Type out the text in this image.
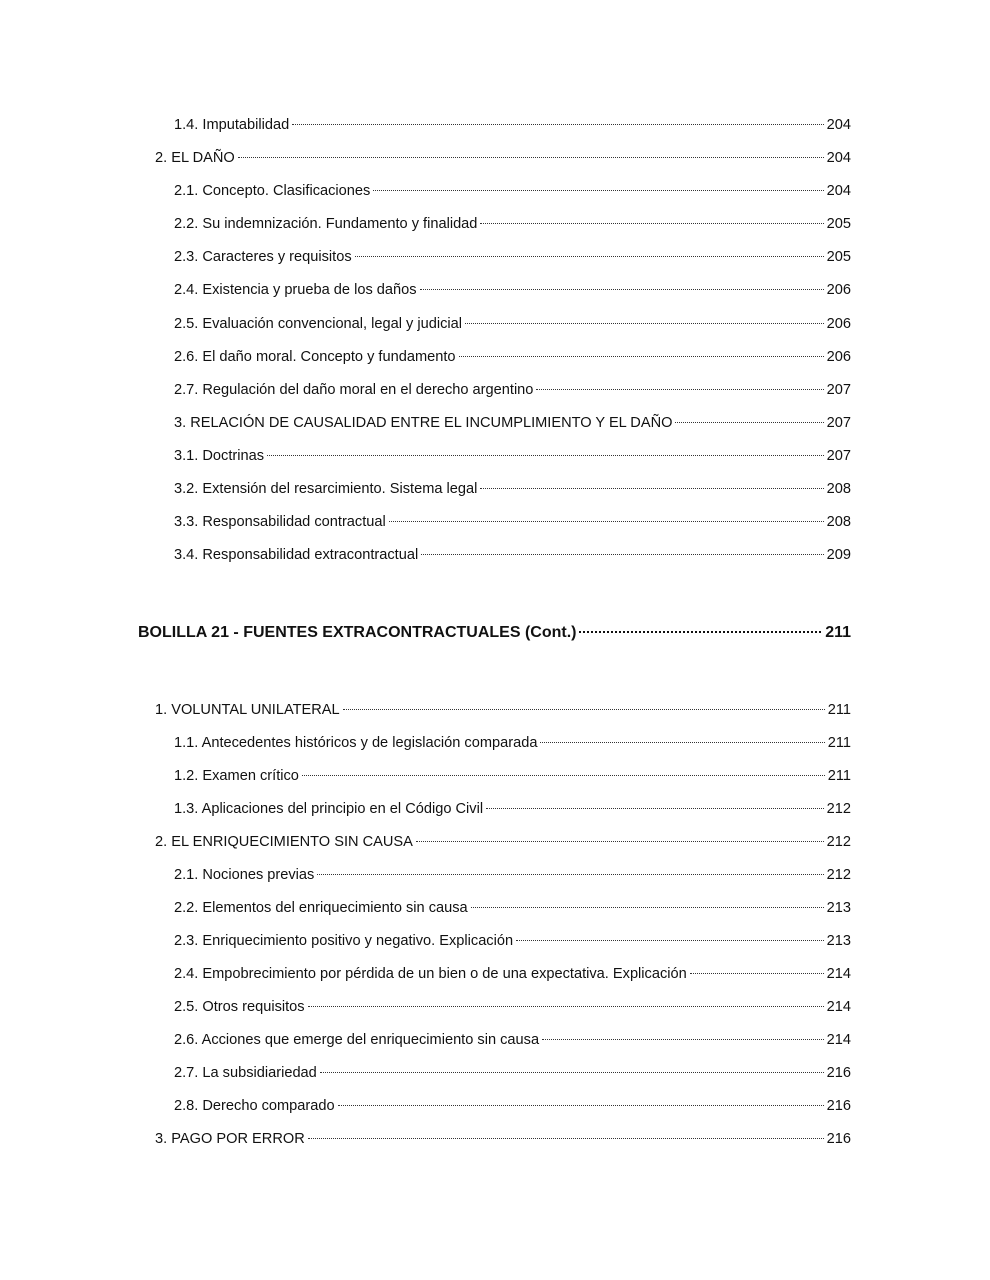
1.4. Imputabilidad	204
2. EL DAÑO	204
2.1. Concepto. Clasificaciones	204
2.2. Su indemnización. Fundamento y finalidad	205
2.3. Caracteres y requisitos	205
2.4. Existencia y prueba de los daños	206
2.5. Evaluación convencional, legal y judicial	206
2.6. El daño moral. Concepto y fundamento	206
2.7. Regulación del daño moral en el derecho argentino	207
3. RELACIÓN DE CAUSALIDAD ENTRE EL INCUMPLIMIENTO Y EL DAÑO	207
3.1. Doctrinas	207
3.2. Extensión del resarcimiento. Sistema legal	208
3.3. Responsabilidad contractual	208
3.4. Responsabilidad extracontractual	209
BOLILLA 21 - FUENTES EXTRACONTRACTUALES (Cont.)	211
1. VOLUNTAL UNILATERAL	211
1.1. Antecedentes históricos y de legislación comparada	211
1.2. Examen crítico	211
1.3. Aplicaciones del principio en el Código Civil	212
2. EL ENRIQUECIMIENTO SIN CAUSA	212
2.1. Nociones previas	212
2.2. Elementos del enriquecimiento sin causa	213
2.3. Enriquecimiento positivo y negativo. Explicación	213
2.4. Empobrecimiento por pérdida de un bien o de una expectativa. Explicación	214
2.5. Otros requisitos	214
2.6. Acciones que emerge del enriquecimiento sin causa	214
2.7. La subsidiariedad	216
2.8. Derecho comparado	216
3. PAGO POR ERROR	216
